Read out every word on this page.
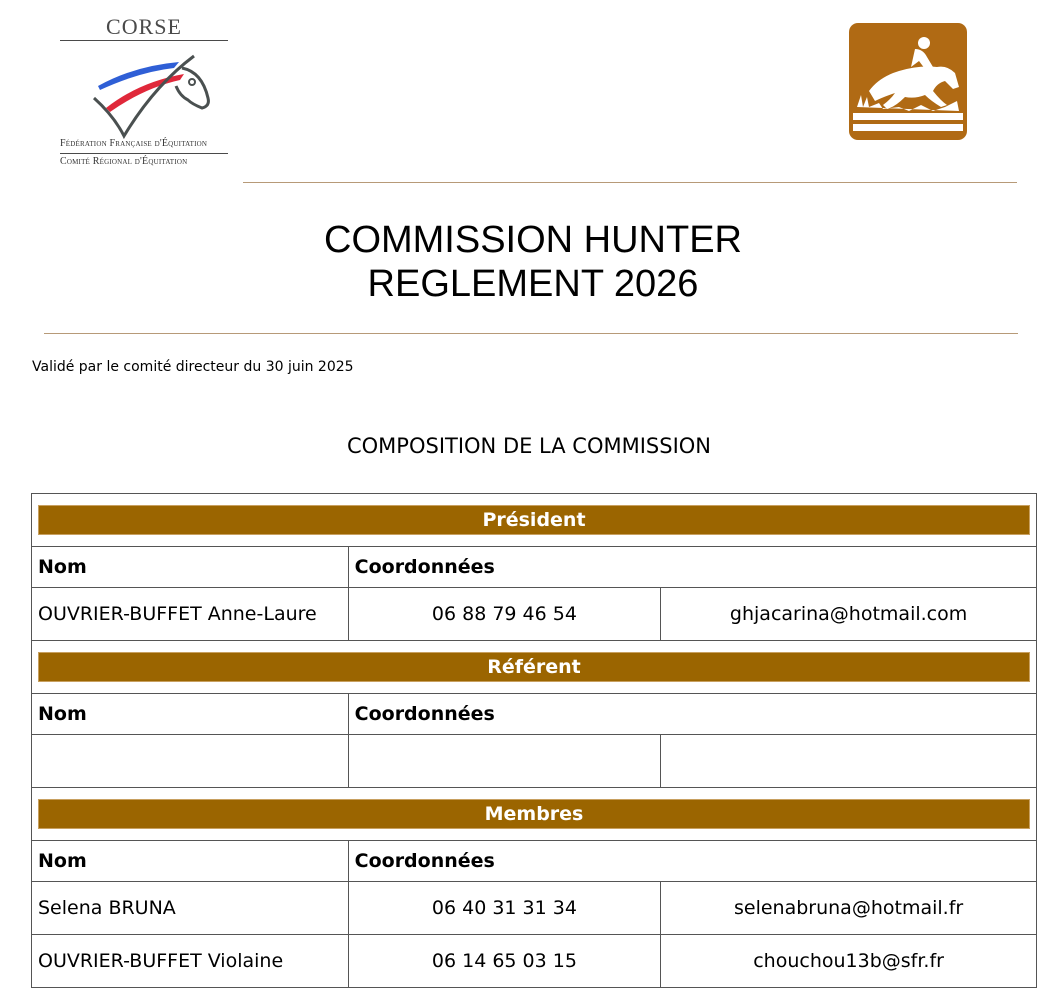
CORSE
Fédération Française d'Équitation
Comité Régional d'Équitation
COMMISSION HUNTER
REGLEMENT 2026
Validé par le comité directeur du 30 juin 2025
COMPOSITION DE LA COMMISSION
Président		

Nom	Coordonnées	
OUVRIER-BUFFET Anne-Laure	06 88 79 46 54	ghjacarina@hotmail.com

Référent		

Nom	Coordonnées	

Membres		

Nom	Coordonnées	
Selena BRUNA	06 40 31 31 34	selenabruna@hotmail.fr
OUVRIER-BUFFET Violaine	06 14 65 03 15	chouchou13b@sfr.fr
